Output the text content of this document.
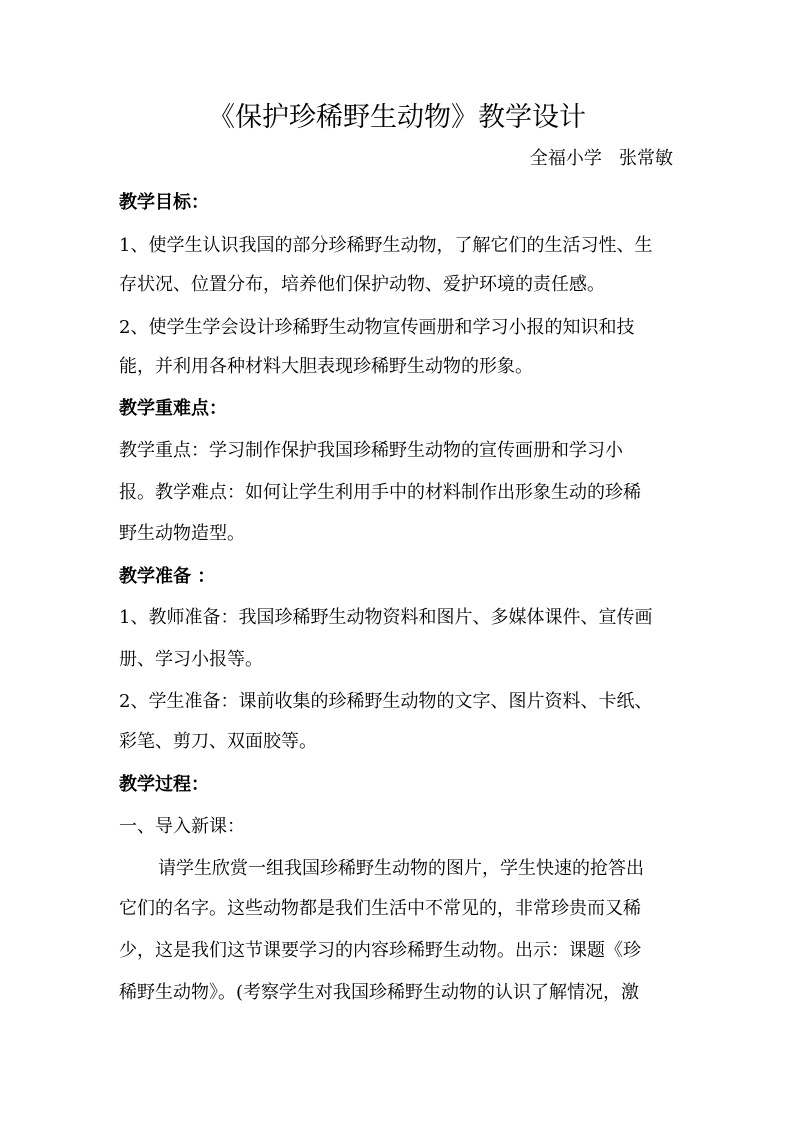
《保护珍稀野生动物》教学设计
全福小学   张常敏
教学目标：
1、使学生认识我国的部分珍稀野生动物，了解它们的生活习性、生
存状况、位置分布，培养他们保护动物、爱护环境的责任感。
2、使学生学会设计珍稀野生动物宣传画册和学习小报的知识和技
能，并利用各种材料大胆表现珍稀野生动物的形象。
教学重难点：
教学重点：学习制作保护我国珍稀野生动物的宣传画册和学习小
报。教学难点：如何让学生利用手中的材料制作出形象生动的珍稀
野生动物造型。
教学准备 ：
1、教师准备：我国珍稀野生动物资料和图片、多媒体课件、宣传画
册、学习小报等。
2、学生准备：课前收集的珍稀野生动物的文字、图片资料、卡纸、
彩笔、剪刀、双面胶等。
教学过程：
一、导入新课：
请学生欣赏一组我国珍稀野生动物的图片，学生快速的抢答出
它们的名字。这些动物都是我们生活中不常见的，非常珍贵而又稀
少，这是我们这节课要学习的内容珍稀野生动物。出示：课题《珍
稀野生动物》。(考察学生对我国珍稀野生动物的认识了解情况，激
